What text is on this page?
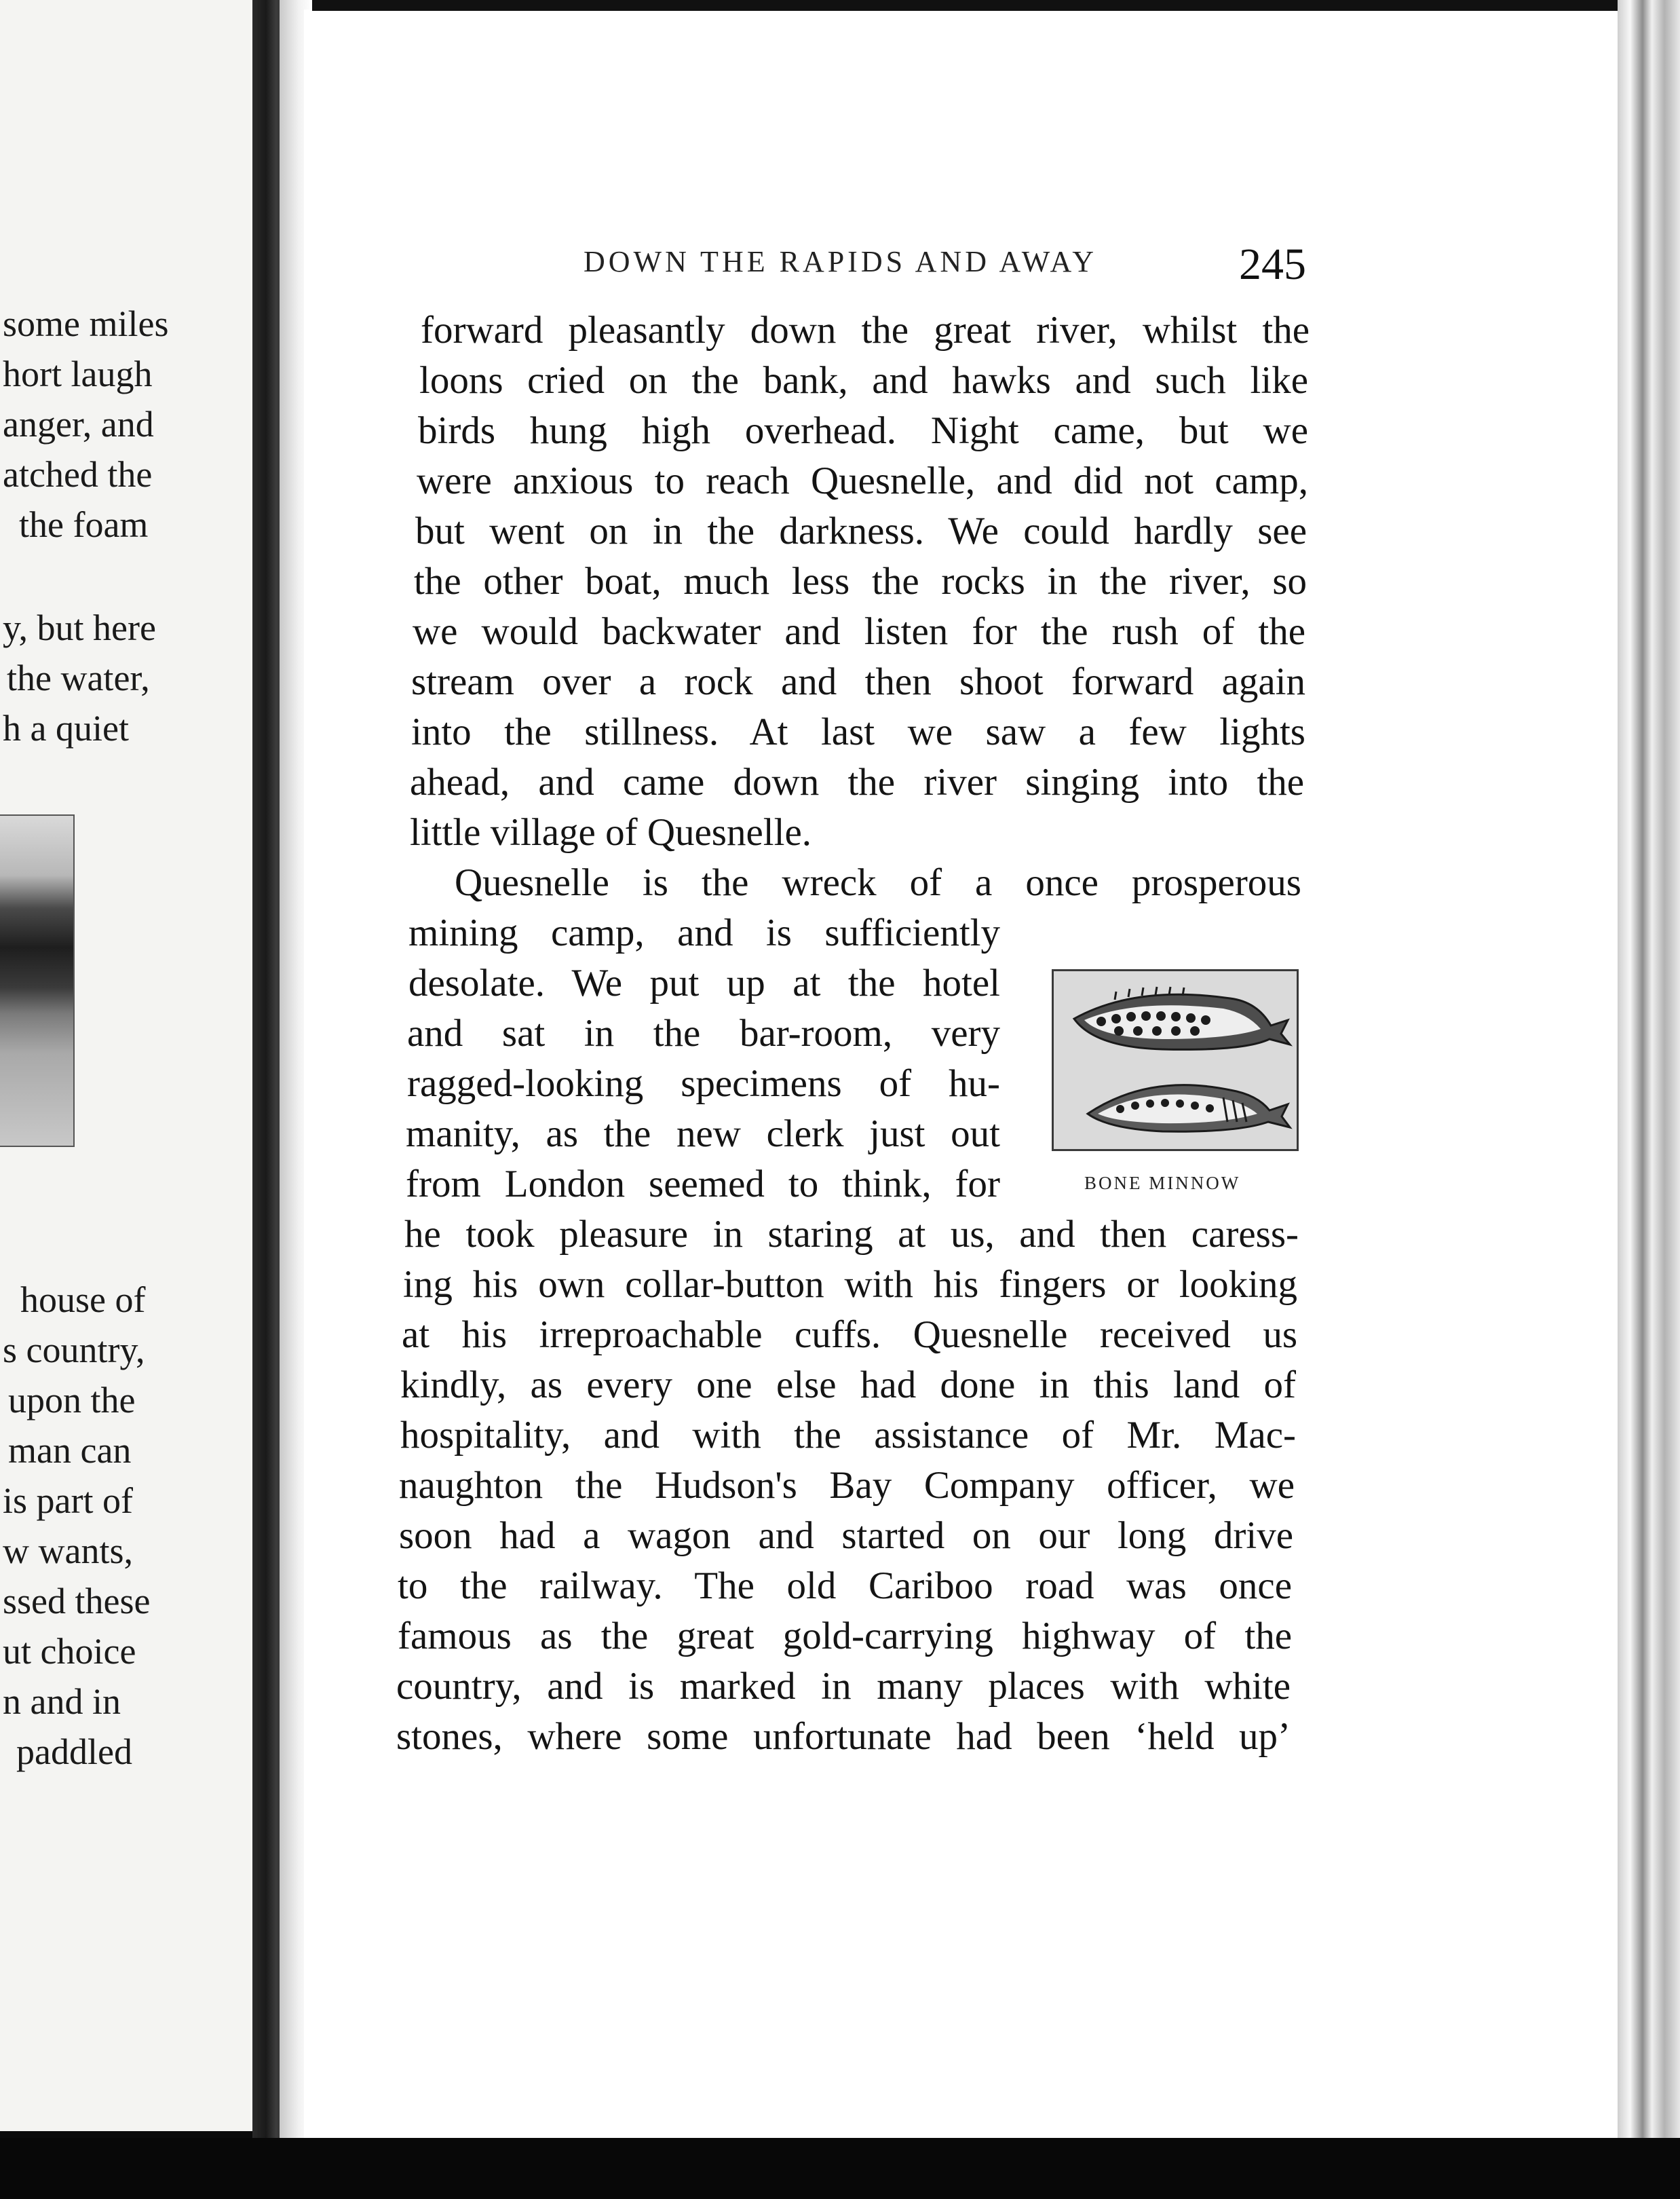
some miles
hort laugh
anger, and
atched the
the foam
y, but here
the water,
h a quiet
house of
s country,
upon the
man can
is part of
w wants,
ssed these
ut choice
n and in
paddled
DOWN THE RAPIDS AND AWAY	245
forward pleasantly down the great river, whilst the
loons cried on the bank, and hawks and such like
birds hung high overhead. Night came, but we
were anxious to reach Quesnelle, and did not camp,
but went on in the darkness. We could hardly see
the other boat, much less the rocks in the river, so
we would backwater and listen for the rush of the
stream over a rock and then shoot forward again
into the stillness. At last we saw a few lights
ahead, and came down the river singing into the
little village of Quesnelle.
Quesnelle is the wreck of a once prosperous
mining camp, and is sufficiently
desolate. We put up at the hotel
and sat in the bar-room, very
ragged-looking specimens of hu-
manity, as the new clerk just out
from London seemed to think, for
he took pleasure in staring at us, and then caress-
ing his own collar-button with his fingers or looking
at his irreproachable cuffs. Quesnelle received us
kindly, as every one else had done in this land of
hospitality, and with the assistance of Mr. Mac-
naughton the Hudson's Bay Company officer, we
soon had a wagon and started on our long drive
to the railway. The old Cariboo road was once
famous as the great gold-carrying highway of the
country, and is marked in many places with white
stones, where some unfortunate had been ‘held up’
BONE MINNOW
